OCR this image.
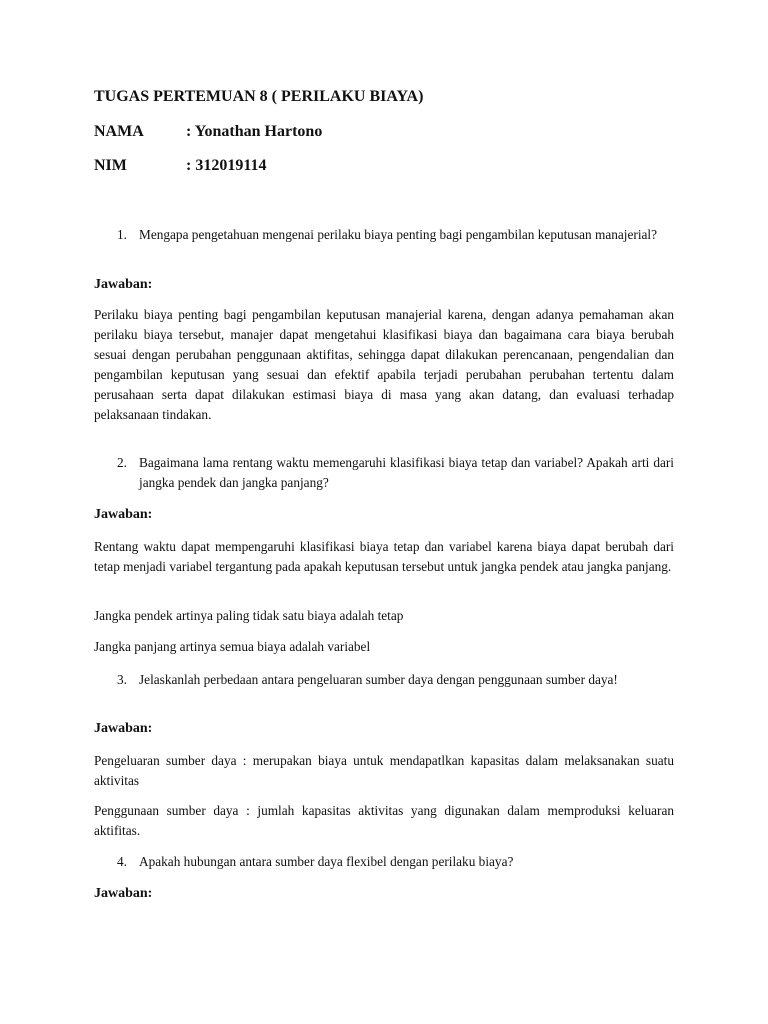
TUGAS PERTEMUAN 8 ( PERILAKU BIAYA)
NAMA	: Yonathan Hartono
NIM	: 312019114
1. Mengapa pengetahuan mengenai perilaku biaya penting bagi pengambilan keputusan manajerial?
Jawaban:
Perilaku biaya penting bagi pengambilan keputusan manajerial karena, dengan adanya pemahaman akan perilaku biaya tersebut, manajer dapat mengetahui klasifikasi biaya dan bagaimana cara biaya berubah sesuai dengan perubahan penggunaan aktifitas, sehingga dapat dilakukan perencanaan, pengendalian dan pengambilan keputusan yang sesuai dan efektif apabila terjadi perubahan perubahan tertentu dalam perusahaan serta dapat dilakukan estimasi biaya di masa yang akan datang, dan evaluasi terhadap pelaksanaan tindakan.
2. Bagaimana lama rentang waktu memengaruhi klasifikasi biaya tetap dan variabel? Apakah arti dari jangka pendek dan jangka panjang?
Jawaban:
Rentang waktu dapat mempengaruhi klasifikasi biaya tetap dan variabel karena biaya dapat berubah dari tetap menjadi variabel tergantung pada apakah keputusan tersebut untuk jangka pendek atau jangka panjang.
Jangka pendek artinya paling tidak satu biaya adalah tetap
Jangka panjang artinya semua biaya adalah variabel
3. Jelaskanlah perbedaan antara pengeluaran sumber daya dengan penggunaan sumber daya!
Jawaban:
Pengeluaran sumber daya : merupakan biaya untuk mendapatlkan kapasitas dalam melaksanakan suatu aktivitas
Penggunaan sumber daya : jumlah kapasitas aktivitas yang digunakan dalam memproduksi keluaran aktifitas.
4. Apakah hubungan antara sumber daya flexibel dengan perilaku biaya?
Jawaban:
